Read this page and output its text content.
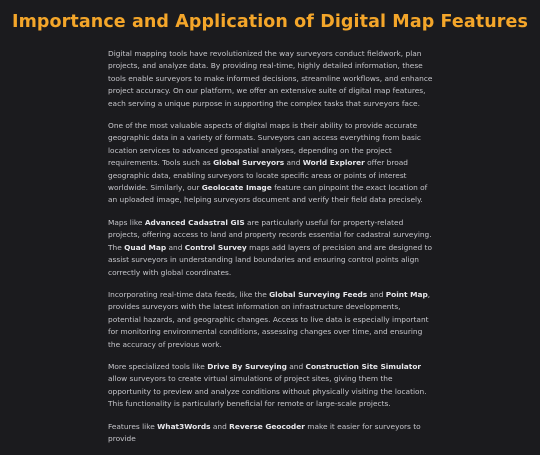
Importance and Application of Digital Map Features

Digital mapping tools have revolutionized the way surveyors conduct fieldwork, plan projects, and analyze data. By providing real-time, highly detailed information, these tools enable surveyors to make informed decisions, streamline workflows, and enhance project accuracy. On our platform, we offer an extensive suite of digital map features, each serving a unique purpose in supporting the complex tasks that surveyors face.

One of the most valuable aspects of digital maps is their ability to provide accurate geographic data in a variety of formats. Surveyors can access everything from basic location services to advanced geospatial analyses, depending on the project requirements. Tools such as Global Surveyors and World Explorer offer broad geographic data, enabling surveyors to locate specific areas or points of interest worldwide. Similarly, our Geolocate Image feature can pinpoint the exact location of an uploaded image, helping surveyors document and verify their field data precisely.

Maps like Advanced Cadastral GIS are particularly useful for property-related projects, offering access to land and property records essential for cadastral surveying. The Quad Map and Control Survey maps add layers of precision and are designed to assist surveyors in understanding land boundaries and ensuring control points align correctly with global coordinates.

Incorporating real-time data feeds, like the Global Surveying Feeds and Point Map, provides surveyors with the latest information on infrastructure developments, potential hazards, and geographic changes. Access to live data is especially important for monitoring environmental conditions, assessing changes over time, and ensuring the accuracy of previous work.

More specialized tools like Drive By Surveying and Construction Site Simulator allow surveyors to create virtual simulations of project sites, giving them the opportunity to preview and analyze conditions without physically visiting the location. This functionality is particularly beneficial for remote or large-scale projects.

Features like What3Words and Reverse Geocoder make it easier for surveyors to provide
